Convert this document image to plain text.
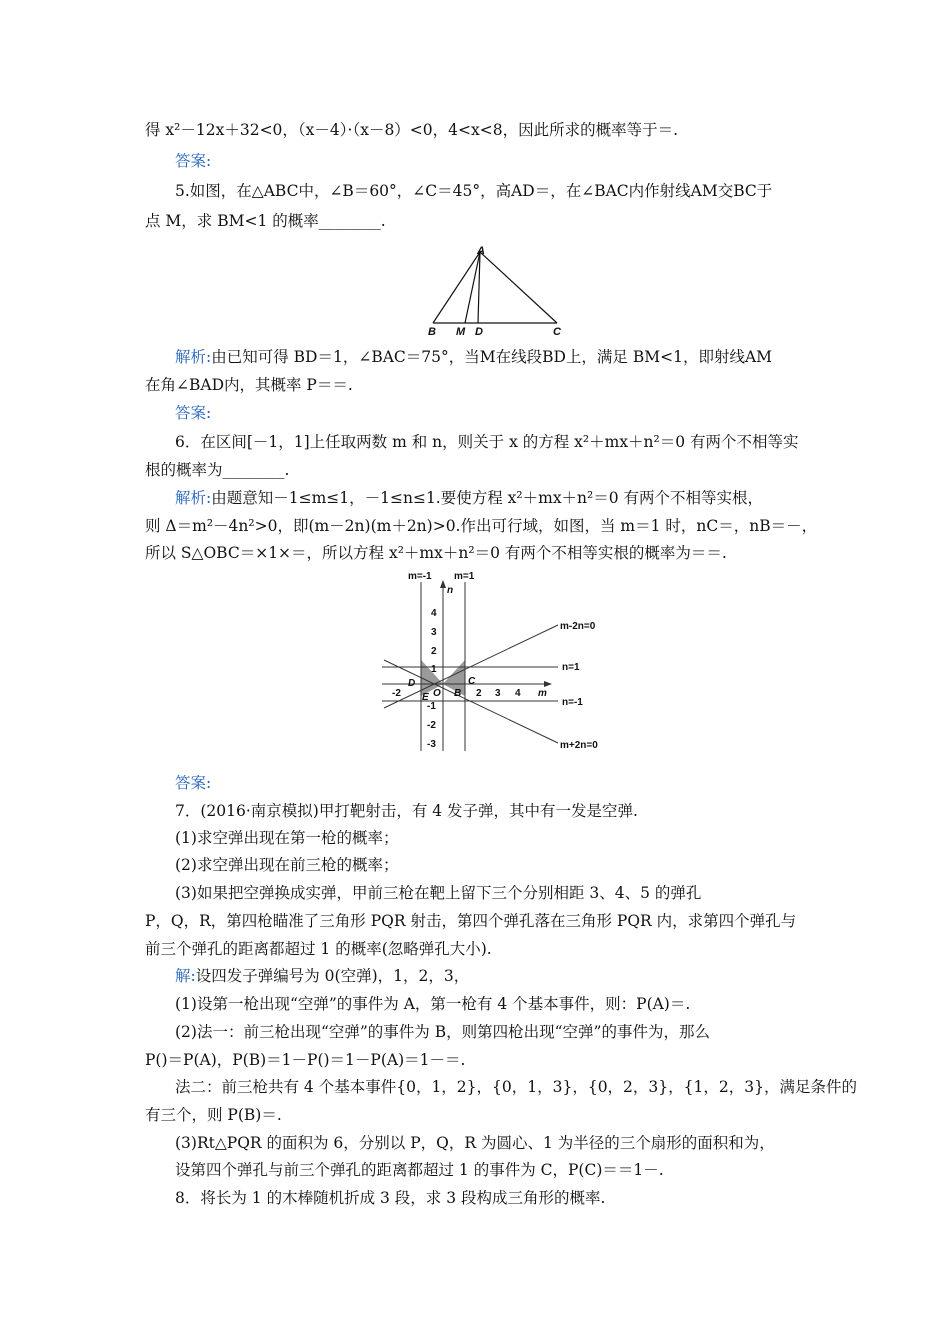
得 x²－12x＋32<0，（x－4）·（x－8）<0，4<x<8，因此所求的概率等于＝.
答案:
5.如图，在△ABC中，∠B＝60°，∠C＝45°，高AD＝，在∠BAC内作射线AM交BC于
点 M，求 BM<1 的概率________.
A
B M D	C
解析:由已知可得 BD＝1，∠BAC＝75°，当M在线段BD上，满足 BM<1，即射线AM
在角∠BAD内，其概率 P＝＝.
答案:
6．在区间[－1，1]上任取两数 m 和 n，则关于 x 的方程 x²＋mx＋n²＝0 有两个不相等实
根的概率为________.
解析:由题意知－1≤m≤1，－1≤n≤1.要使方程 x²＋mx＋n²＝0 有两个不相等实根，
则 Δ＝m²－4n²>0，即(m－2n)(m＋2n)>0.作出可行域，如图，当 m＝1 时，nC＝，nB＝－，
所以 S△OBC＝×1×＝，所以方程 x²＋mx＋n²＝0 有两个不相等实根的概率为＝＝.
m=-1 m=1
n
m
4
3
2
1
-1
-2
-3
-2	2 3 4
O
D
B
C
E
m-2n=0
n=1
n=-1
m+2n=0
答案:
7．(2016·南京模拟)甲打靶射击，有 4 发子弹，其中有一发是空弹.
(1)求空弹出现在第一枪的概率；
(2)求空弹出现在前三枪的概率；
(3)如果把空弹换成实弹，甲前三枪在靶上留下三个分别相距 3、4、5 的弹孔
P，Q，R，第四枪瞄准了三角形 PQR 射击，第四个弹孔落在三角形 PQR 内，求第四个弹孔与
前三个弹孔的距离都超过 1 的概率(忽略弹孔大小).
解:设四发子弹编号为 0(空弹)，1，2，3，
(1)设第一枪出现“空弹”的事件为 A，第一枪有 4 个基本事件，则：P(A)＝.
(2)法一：前三枪出现“空弹”的事件为 B，则第四枪出现“空弹”的事件为，那么
P()＝P(A)，P(B)＝1－P()＝1－P(A)＝1－＝.
法二：前三枪共有 4 个基本事件{0，1，2}，{0，1，3}，{0，2，3}，{1，2，3}，满足条件的
有三个，则 P(B)＝.
(3)Rt△PQR 的面积为 6，分别以 P，Q，R 为圆心、1 为半径的三个扇形的面积和为，
设第四个弹孔与前三个弹孔的距离都超过 1 的事件为 C，P(C)＝＝1－.
8．将长为 1 的木棒随机折成 3 段，求 3 段构成三角形的概率.
